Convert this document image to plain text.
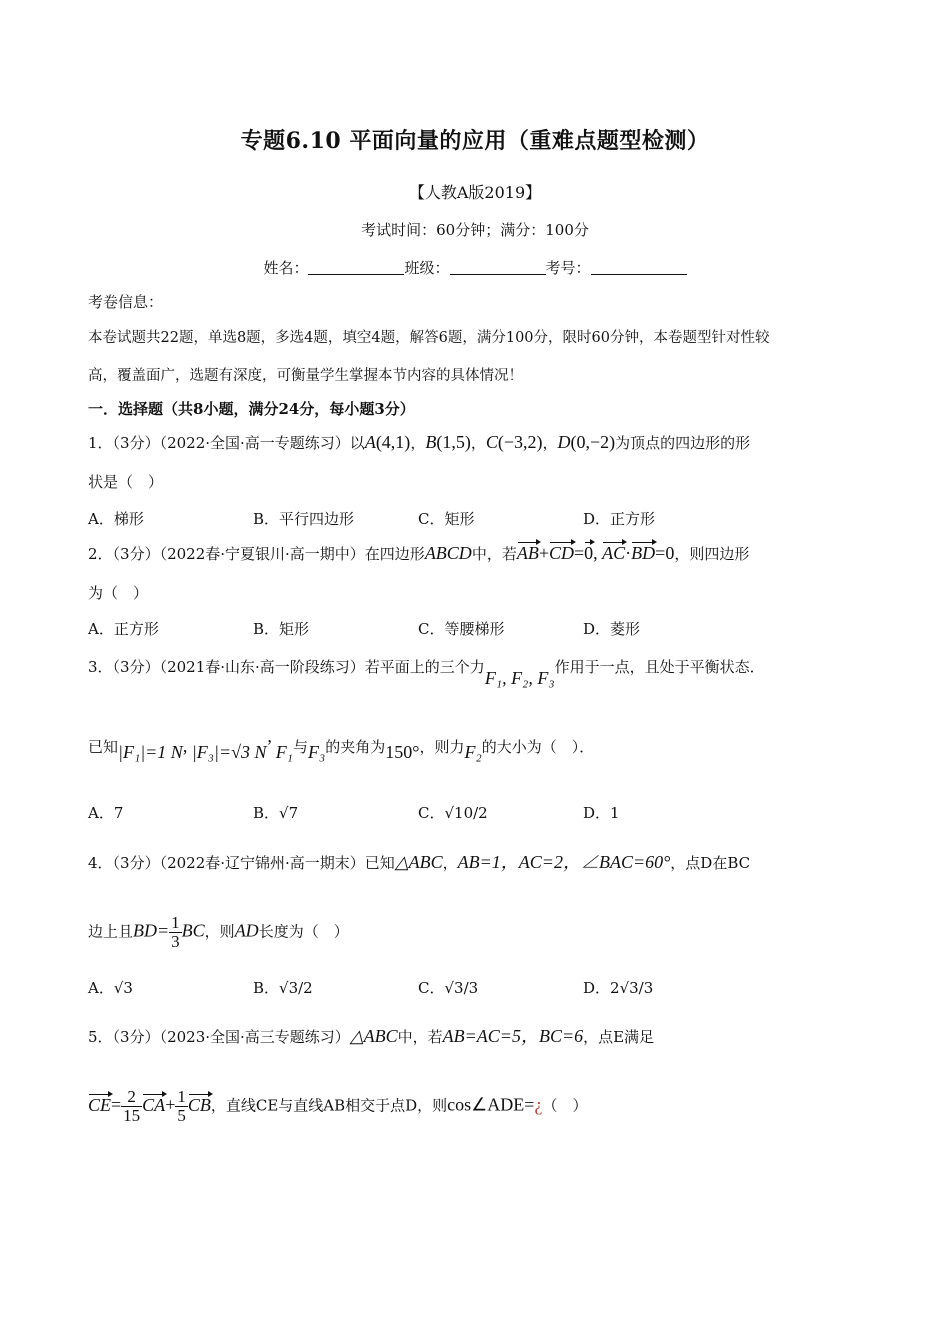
专题6.10 平面向量的应用（重难点题型检测）
【人教A版2019】
考试时间：60分钟；满分：100分
姓名：	班级：	考号：
考卷信息：
本卷试题共22题，单选8题，多选4题，填空4题，解答6题，满分100分，限时60分钟，本卷题型针对性较
高，覆盖面广，选题有深度，可衡量学生掌握本节内容的具体情况！
一．选择题（共8小题，满分24分，每小题3分）
1．（3分）（2022·全国·高一专题练习）以A(4,1)，B(1,5)，C(−3,2)，D(0,−2)为顶点的四边形的形
状是（　）
A．梯形	B．平行四边形	C．矩形	D．正方形
2．（3分）（2022春·宁夏银川·高一期中）在四边形ABCD中，若AB+CD=0, AC·BD=0，则四边形
为（　）
A．正方形	B．矩形	C．等腰梯形	D．菱形
3．（3分）（2021春·山东·高一阶段练习）若平面上的三个力F₁, F₂, F₃作用于一点，且处于平衡状态．
已知|F₁|=1 N, |F₃|=√3 N’ F₁与F₃的夹角为150°，则力F₂的大小为（　）．
A．7	B．√7	C．√10/2	D．1
4．（3分）（2022春·辽宁锦州·高一期末）已知△ABC，AB=1，AC=2，∠BAC=60°，点D在BC
边上且$BD= \frac{1}{3}$ BC，则AD长度为（　）
A．√3	B．√3/2	C．√3/3	D．2√3/3
5．（3分）（2023·全国·高三专题练习）△ABC中，若AB=AC=5，BC=6，点E满足
$CE= \frac{2}{15} CA+ \frac{1}{5}$ CB，直线CE与直线AB相交于点D，则cos∠ADE=¿（　）
